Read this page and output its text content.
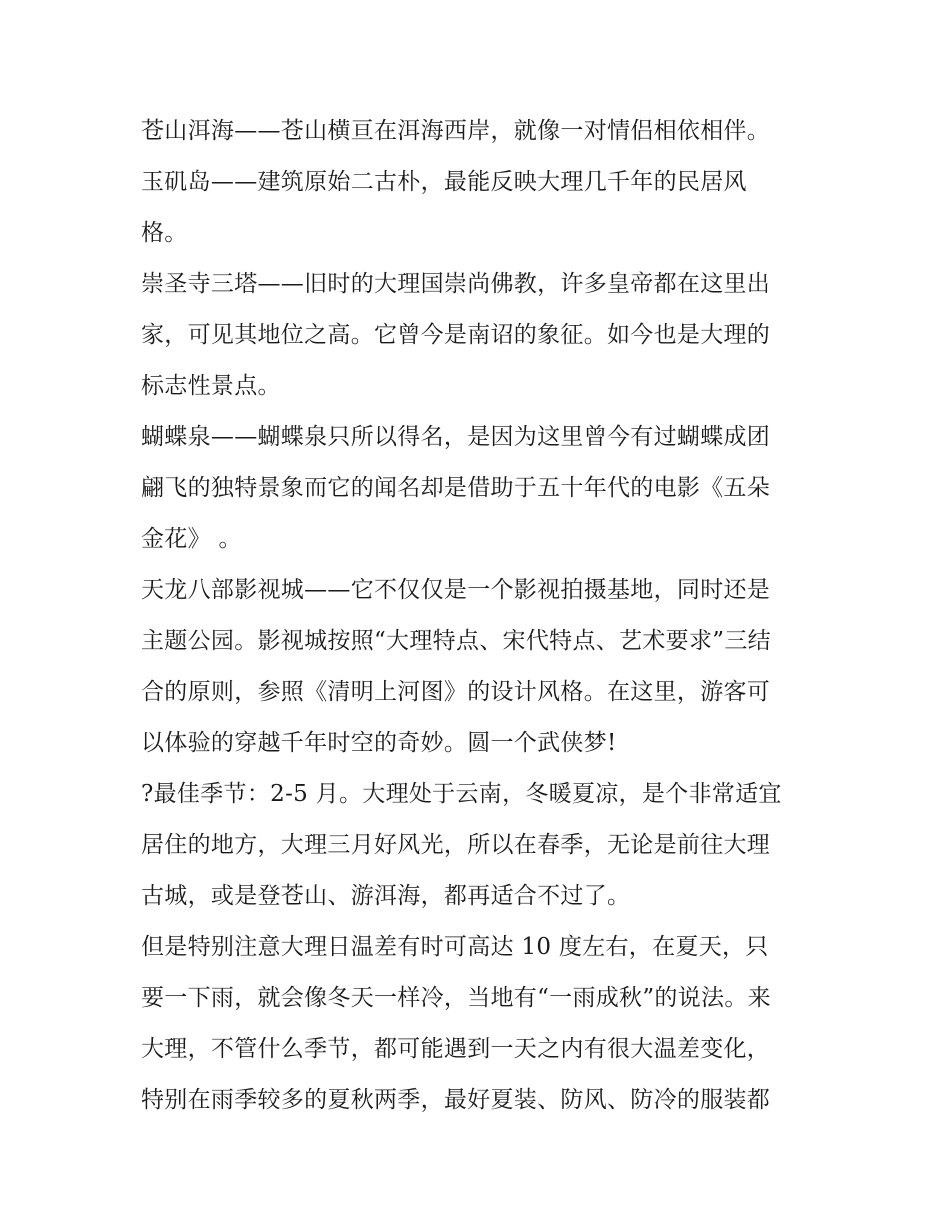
苍山洱海——苍山横亘在洱海西岸，就像一对情侣相依相伴。
玉矶岛——建筑原始二古朴，最能反映大理几千年的民居风
格。
崇圣寺三塔——旧时的大理国崇尚佛教，许多皇帝都在这里出
家，可见其地位之高。它曾今是南诏的象征。如今也是大理的
标志性景点。
蝴蝶泉——蝴蝶泉只所以得名，是因为这里曾今有过蝴蝶成团
翩飞的独特景象而它的闻名却是借助于五十年代的电影《五朵
金花》 。
天龙八部影视城——它不仅仅是一个影视拍摄基地，同时还是
主题公园。影视城按照“大理特点、宋代特点、艺术要求”三结
合的原则，参照《清明上河图》的设计风格。在这里，游客可
以体验的穿越千年时空的奇妙。圆一个武侠梦!
?最佳季节：2-5 月。大理处于云南，冬暖夏凉，是个非常适宜
居住的地方，大理三月好风光，所以在春季，无论是前往大理
古城，或是登苍山、游洱海，都再适合不过了。
但是特别注意大理日温差有时可高达 10 度左右，在夏天，只
要一下雨，就会像冬天一样冷，当地有“一雨成秋”的说法。来
大理，不管什么季节，都可能遇到一天之内有很大温差变化，
特别在雨季较多的夏秋两季，最好夏装、防风、防冷的服装都
